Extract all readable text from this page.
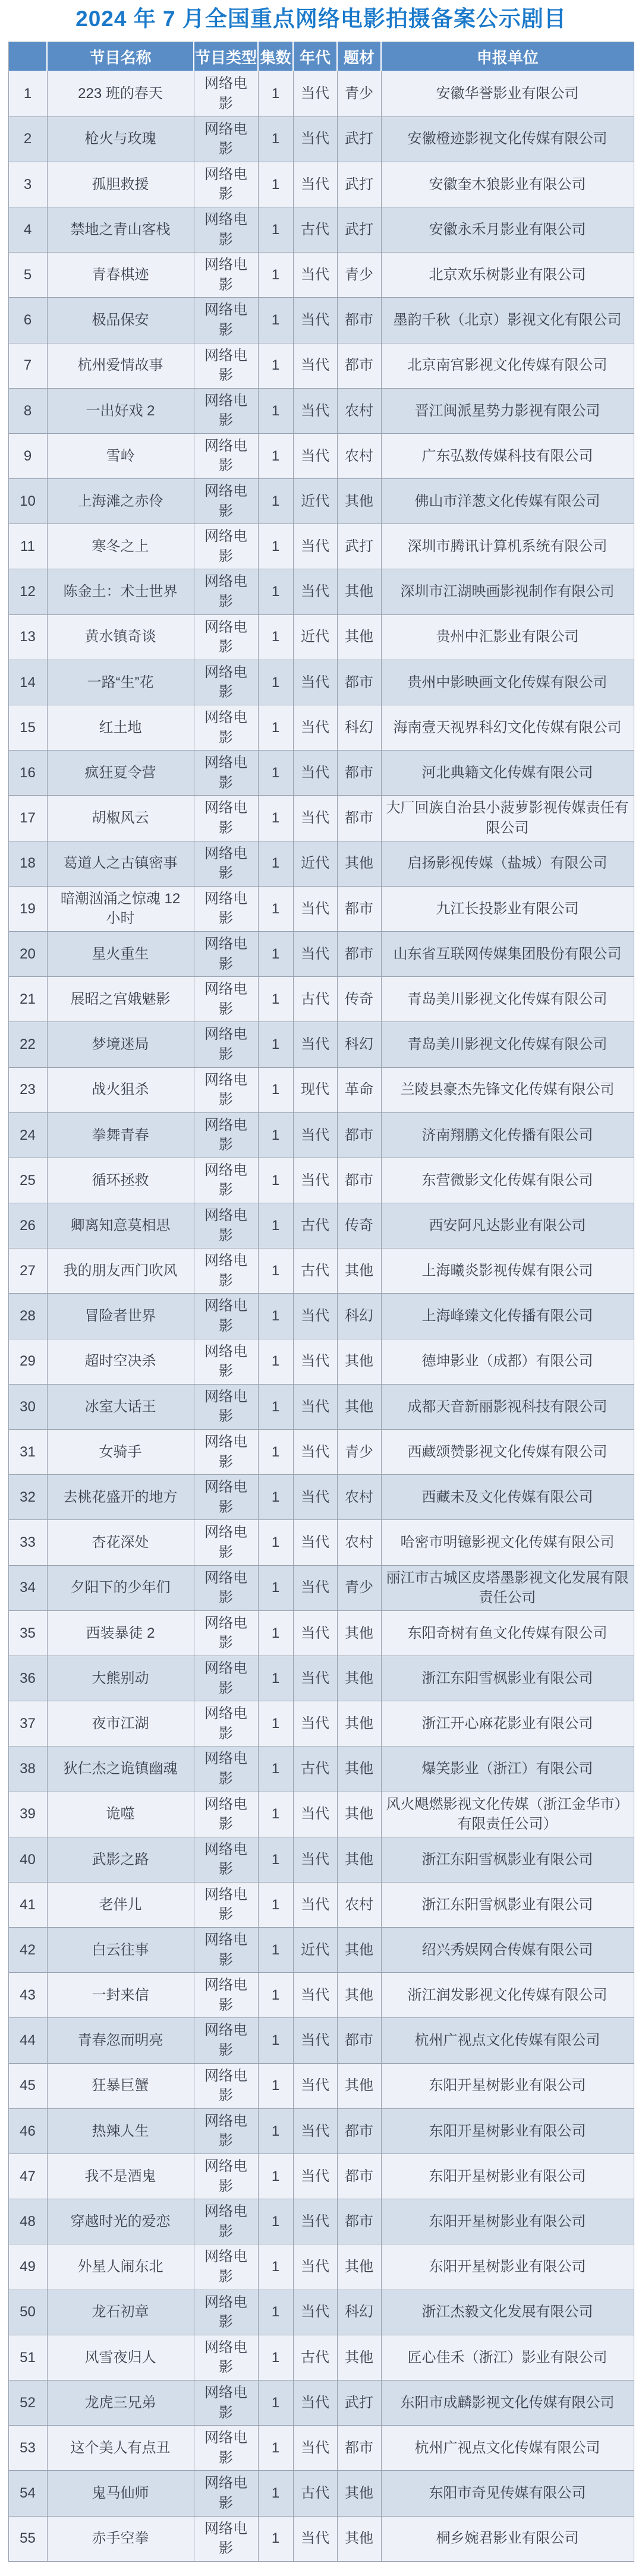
2024 年 7 月全国重点网络电影拍摄备案公示剧目
	节目名称	节目类型	集数	年代	题材	申报单位
1	223 班的春天	网络电影	1	当代	青少	安徽华誉影业有限公司
2	枪火与玫瑰	网络电影	1	当代	武打	安徽橙迹影视文化传媒有限公司
3	孤胆救援	网络电影	1	当代	武打	安徽奎木狼影业有限公司
4	禁地之青山客栈	网络电影	1	古代	武打	安徽永禾月影业有限公司
5	青春棋迹	网络电影	1	当代	青少	北京欢乐树影业有限公司
6	极品保安	网络电影	1	当代	都市	墨韵千秋（北京）影视文化有限公司
7	杭州爱情故事	网络电影	1	当代	都市	北京南宫影视文化传媒有限公司
8	一出好戏 2	网络电影	1	当代	农村	晋江闽派星势力影视有限公司
9	雪岭	网络电影	1	当代	农村	广东弘数传媒科技有限公司
10	上海滩之赤伶	网络电影	1	近代	其他	佛山市洋葱文化传媒有限公司
11	寒冬之上	网络电影	1	当代	武打	深圳市腾讯计算机系统有限公司
12	陈金土：术士世界	网络电影	1	当代	其他	深圳市江湖映画影视制作有限公司
13	黄水镇奇谈	网络电影	1	近代	其他	贵州中汇影业有限公司
14	一路“生”花	网络电影	1	当代	都市	贵州中影映画文化传媒有限公司
15	红土地	网络电影	1	当代	科幻	海南壹天视界科幻文化传媒有限公司
16	疯狂夏令营	网络电影	1	当代	都市	河北典籍文化传媒有限公司
17	胡椒风云	网络电影	1	当代	都市	大厂回族自治县小菠萝影视传媒责任有限公司
18	葛道人之古镇密事	网络电影	1	近代	其他	启扬影视传媒（盐城）有限公司
19	暗潮汹涌之惊魂 12 小时	网络电影	1	当代	都市	九江长投影业有限公司
20	星火重生	网络电影	1	当代	都市	山东省互联网传媒集团股份有限公司
21	展昭之宫娥魅影	网络电影	1	古代	传奇	青岛美川影视文化传媒有限公司
22	梦境迷局	网络电影	1	当代	科幻	青岛美川影视文化传媒有限公司
23	战火狙杀	网络电影	1	现代	革命	兰陵县豪杰先锋文化传媒有限公司
24	拳舞青春	网络电影	1	当代	都市	济南翔鹏文化传播有限公司
25	循环拯救	网络电影	1	当代	都市	东营微影文化传媒有限公司
26	卿离知意莫相思	网络电影	1	古代	传奇	西安阿凡达影业有限公司
27	我的朋友西门吹风	网络电影	1	古代	其他	上海曦炎影视传媒有限公司
28	冒险者世界	网络电影	1	当代	科幻	上海峰臻文化传播有限公司
29	超时空决杀	网络电影	1	当代	其他	德坤影业（成都）有限公司
30	冰室大话王	网络电影	1	当代	其他	成都天音新丽影视科技有限公司
31	女骑手	网络电影	1	当代	青少	西藏颂赞影视文化传媒有限公司
32	去桃花盛开的地方	网络电影	1	当代	农村	西藏未及文化传媒有限公司
33	杏花深处	网络电影	1	当代	农村	哈密市明镱影视文化传媒有限公司
34	夕阳下的少年们	网络电影	1	当代	青少	丽江市古城区皮塔墨影视文化发展有限责任公司
35	西装暴徒 2	网络电影	1	当代	其他	东阳奇树有鱼文化传媒有限公司
36	大熊别动	网络电影	1	当代	其他	浙江东阳雪枫影业有限公司
37	夜市江湖	网络电影	1	当代	其他	浙江开心麻花影业有限公司
38	狄仁杰之诡镇幽魂	网络电影	1	古代	其他	爆笑影业（浙江）有限公司
39	诡噬	网络电影	1	当代	其他	风火飓燃影视文化传媒（浙江金华市）有限责任公司）
40	武影之路	网络电影	1	当代	其他	浙江东阳雪枫影业有限公司
41	老伴儿	网络电影	1	当代	农村	浙江东阳雪枫影业有限公司
42	白云往事	网络电影	1	近代	其他	绍兴秀娱网合传媒有限公司
43	一封来信	网络电影	1	当代	其他	浙江润发影视文化传媒有限公司
44	青春忽而明亮	网络电影	1	当代	都市	杭州广视点文化传媒有限公司
45	狂暴巨蟹	网络电影	1	当代	其他	东阳开星树影业有限公司
46	热辣人生	网络电影	1	当代	都市	东阳开星树影业有限公司
47	我不是酒鬼	网络电影	1	当代	都市	东阳开星树影业有限公司
48	穿越时光的爱恋	网络电影	1	当代	都市	东阳开星树影业有限公司
49	外星人闹东北	网络电影	1	当代	其他	东阳开星树影业有限公司
50	龙石初章	网络电影	1	当代	科幻	浙江杰毅文化发展有限公司
51	风雪夜归人	网络电影	1	古代	其他	匠心佳禾（浙江）影业有限公司
52	龙虎三兄弟	网络电影	1	当代	武打	东阳市成麟影视文化传媒有限公司
53	这个美人有点丑	网络电影	1	当代	都市	杭州广视点文化传媒有限公司
54	鬼马仙师	网络电影	1	古代	其他	东阳市奇见传媒有限公司
55	赤手空拳	网络电影	1	当代	其他	桐乡婉君影业有限公司
